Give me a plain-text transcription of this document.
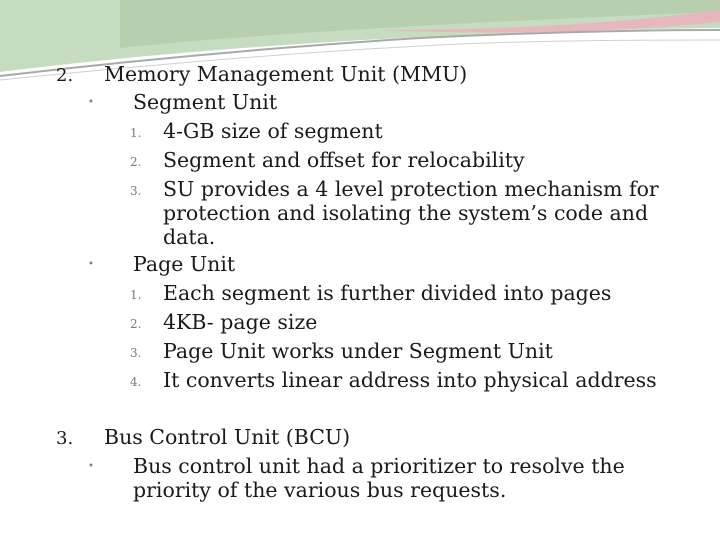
2. Memory Management Unit (MMU)
• Segment Unit
1. 4-GB size of segment
2. Segment and offset for relocability
3. SU provides a 4 level protection mechanism for
protection and isolating the system’s code and
data.
• Page Unit
1. Each segment is further divided into pages
2. 4KB- page size
3. Page Unit works under Segment Unit
4. It converts linear address into physical address
3. Bus Control Unit (BCU)
• Bus control unit had a prioritizer to resolve the
priority of the various bus requests.
